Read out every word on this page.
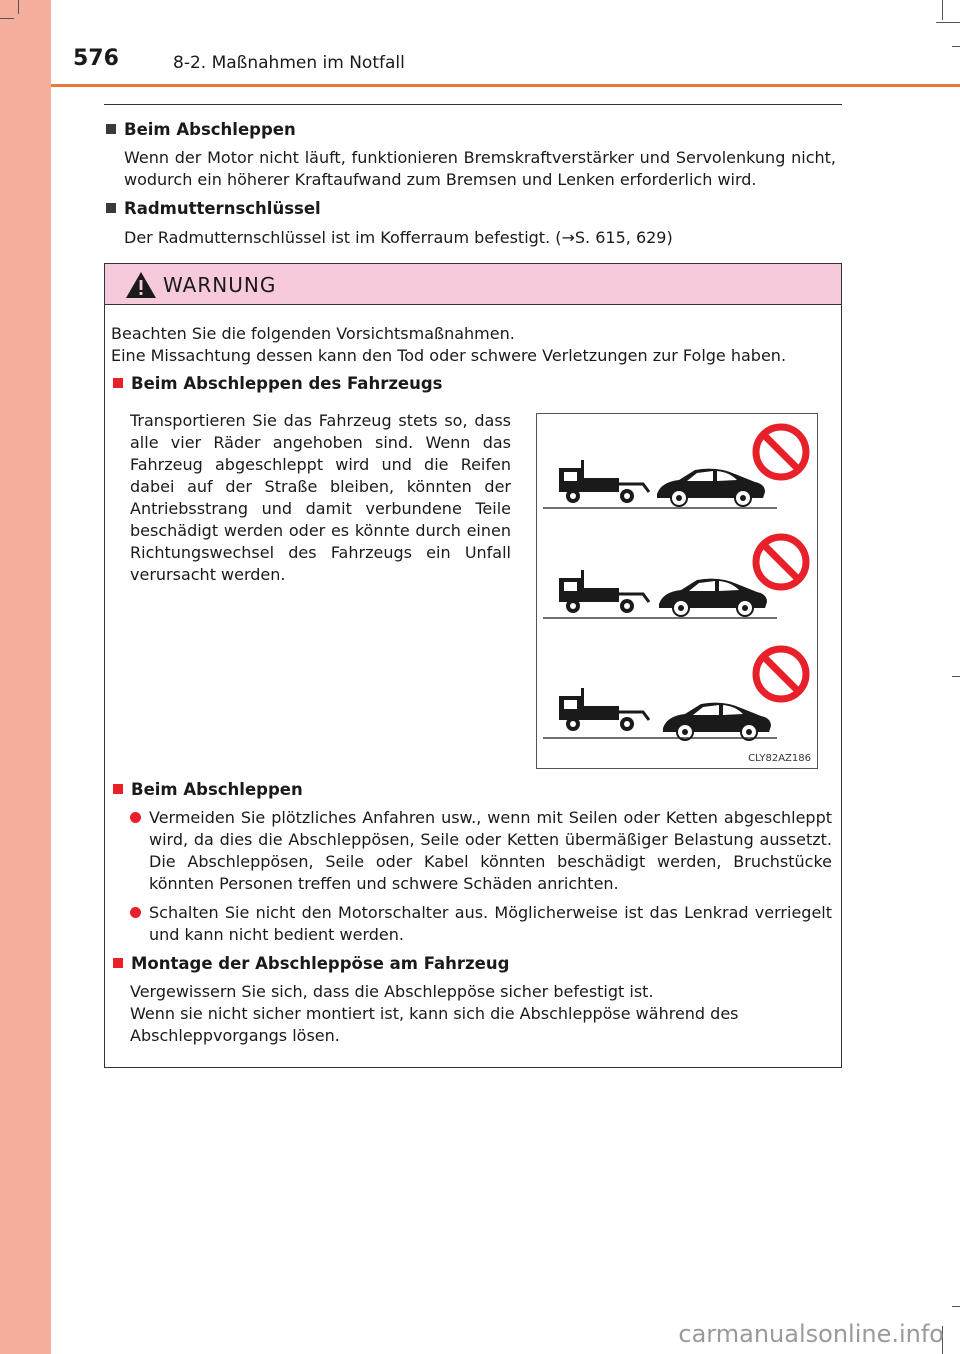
576	8-2. Maßnahmen im Notfall
Beim Abschleppen
Wenn der Motor nicht läuft, funktionieren Bremskraftverstärker und Servolenkung nicht, wodurch ein höherer Kraftaufwand zum Bremsen und Lenken erforderlich wird.
Radmutternschlüssel
Der Radmutternschlüssel ist im Kofferraum befestigt. (→S. 615, 629)
WARNUNG
Beachten Sie die folgenden Vorsichtsmaßnahmen.
Eine Missachtung dessen kann den Tod oder schwere Verletzungen zur Folge haben.
Beim Abschleppen des Fahrzeugs
Transportieren Sie das Fahrzeug stets so, dass alle vier Räder angehoben sind. Wenn das Fahrzeug abgeschleppt wird und die Reifen dabei auf der Straße bleiben, könnten der Antriebsstrang und damit verbundene Teile beschädigt werden oder es könnte durch einen Richtungswechsel des Fahrzeugs ein Unfall verursacht werden.
CLY82AZ186
Beim Abschleppen
Vermeiden Sie plötzliches Anfahren usw., wenn mit Seilen oder Ketten abgeschleppt wird, da dies die Abschleppösen, Seile oder Ketten übermäßiger Belastung aussetzt. Die Abschleppösen, Seile oder Kabel könnten beschädigt werden, Bruchstücke könnten Personen treffen und schwere Schäden anrichten.
Schalten Sie nicht den Motorschalter aus. Möglicherweise ist das Lenkrad verriegelt und kann nicht bedient werden.
Montage der Abschleppöse am Fahrzeug
Vergewissern Sie sich, dass die Abschleppöse sicher befestigt ist.
Wenn sie nicht sicher montiert ist, kann sich die Abschleppöse während des Abschleppvorgangs lösen.
carmanualsonline.info
